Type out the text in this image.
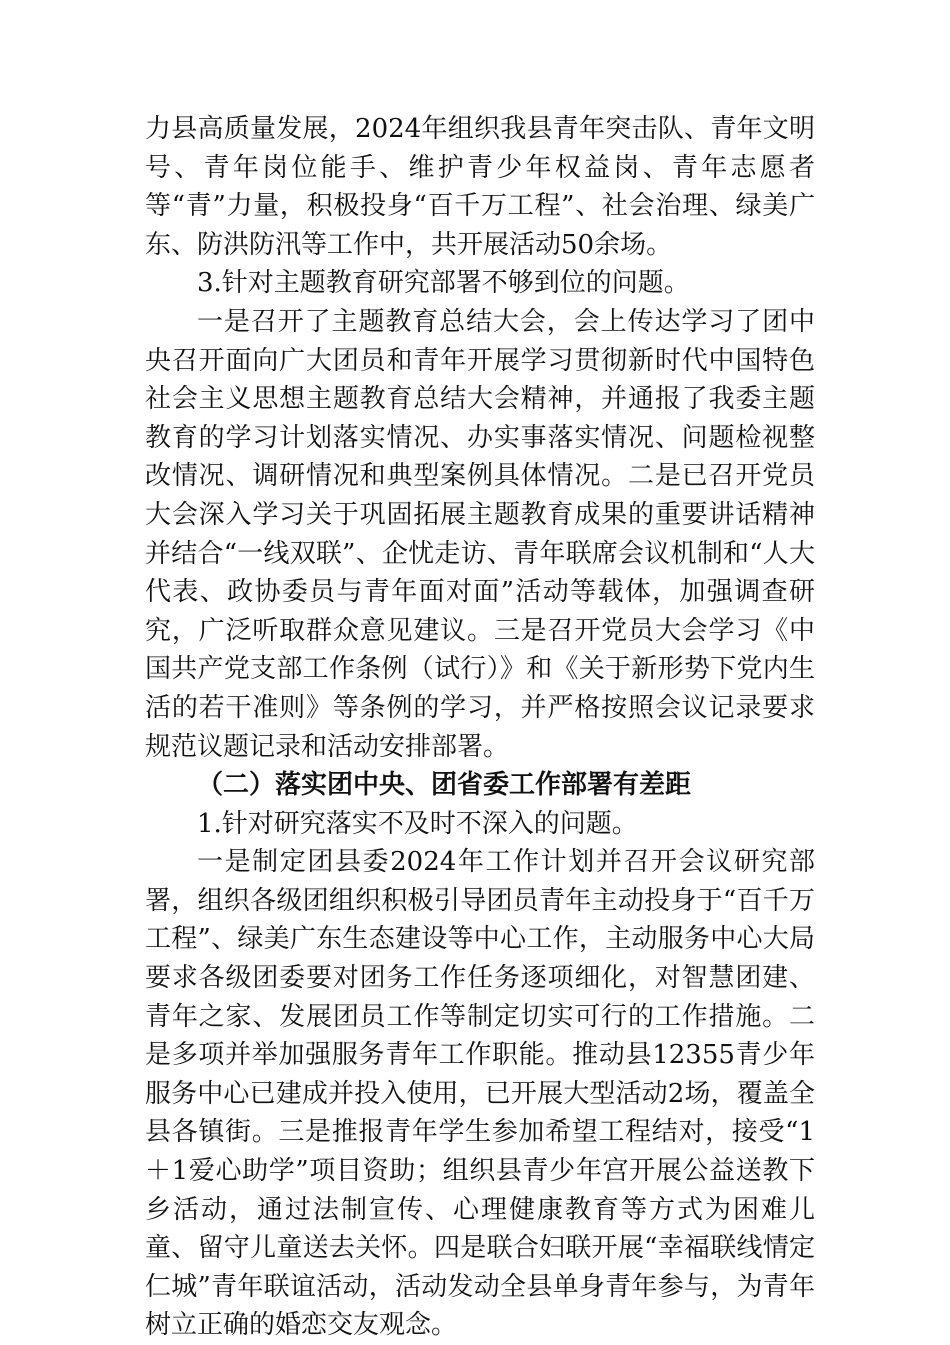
力县高质量发展，2024年组织我县青年突击队、青年文明号、青年岗位能手、维护青少年权益岗、青年志愿者等“青”力量，积极投身“百千万工程”、社会治理、绿美广东、防洪防汛等工作中，共开展活动50余场。

3.针对主题教育研究部署不够到位的问题。

一是召开了主题教育总结大会，会上传达学习了团中央召开面向广大团员和青年开展学习贯彻新时代中国特色社会主义思想主题教育总结大会精神，并通报了我委主题教育的学习计划落实情况、办实事落实情况、问题检视整改情况、调研情况和典型案例具体情况。二是已召开党员大会深入学习关于巩固拓展主题教育成果的重要讲话精神并结合“一线双联”、企忧走访、青年联席会议机制和“人大代表、政协委员与青年面对面”活动等载体，加强调查研究，广泛听取群众意见建议。三是召开党员大会学习《中国共产党支部工作条例（试行）》和《关于新形势下党内生活的若干准则》等条例的学习，并严格按照会议记录要求规范议题记录和活动安排部署。

（二）落实团中央、团省委工作部署有差距

1.针对研究落实不及时不深入的问题。

一是制定团县委2024年工作计划并召开会议研究部署，组织各级团组织积极引导团员青年主动投身于“百千万工程”、绿美广东生态建设等中心工作，主动服务中心大局要求各级团委要对团务工作任务逐项细化，对智慧团建、青年之家、发展团员工作等制定切实可行的工作措施。二是多项并举加强服务青年工作职能。推动县12355青少年服务中心已建成并投入使用，已开展大型活动2场，覆盖全县各镇街。三是推报青年学生参加希望工程结对，接受“1＋1爱心助学”项目资助；组织县青少年宫开展公益送教下乡活动，通过法制宣传、心理健康教育等方式为困难儿童、留守儿童送去关怀。四是联合妇联开展“幸福联线情定仁城”青年联谊活动，活动发动全县单身青年参与，为青年树立正确的婚恋交友观念。
